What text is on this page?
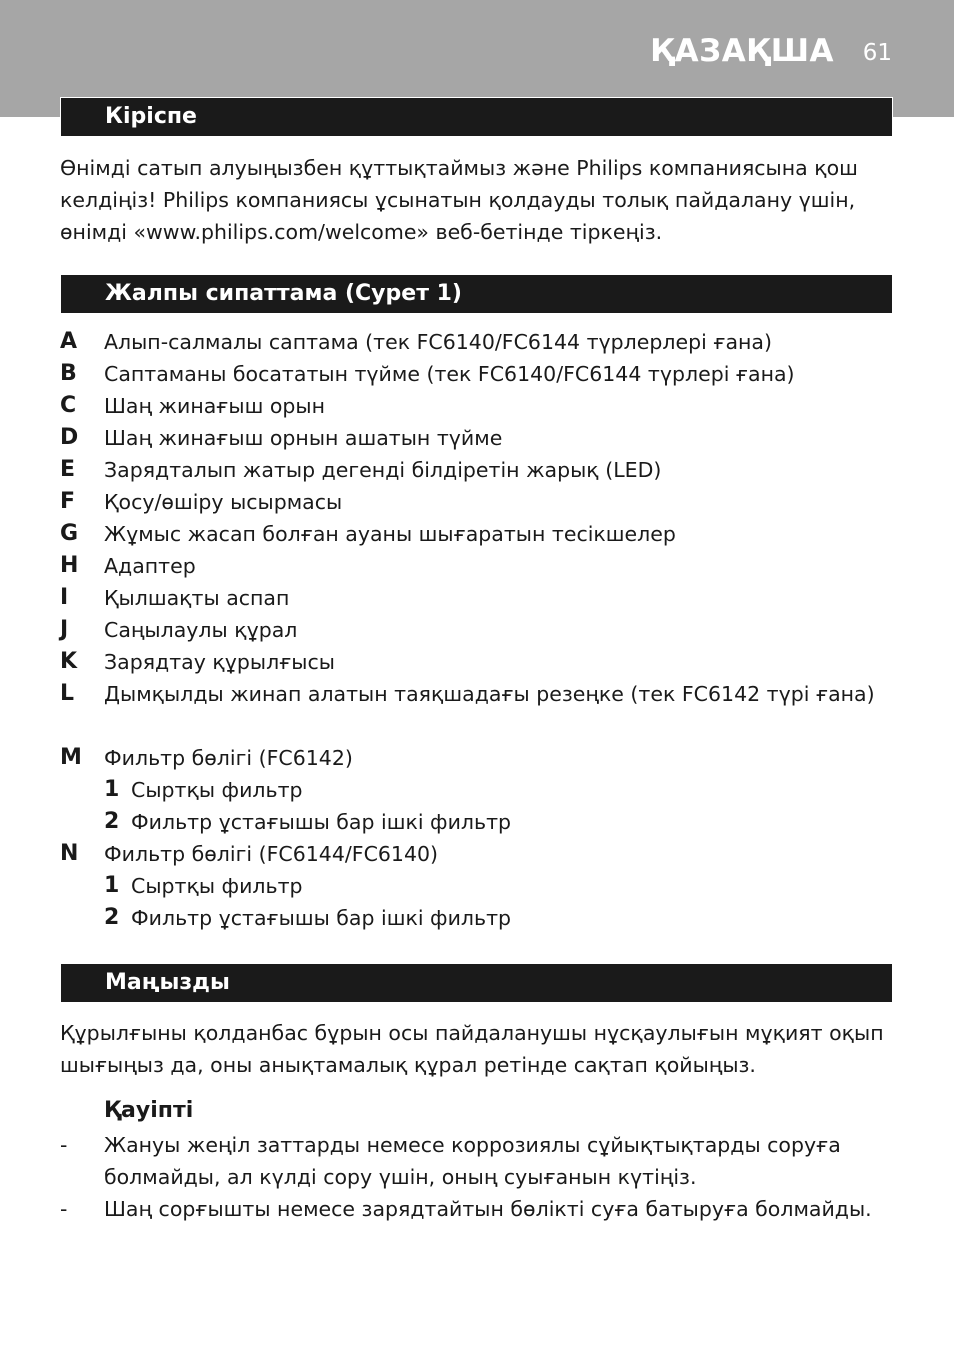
ҚАЗАҚША 61
Кіріспе

Өнімді сатып алуыңызбен құттықтаймыз және Philips компаниясына қош келдіңіз! Philips компаниясы ұсынатын қолдауды толық пайдалану үшін, өнімді «www.philips.com/welcome» веб-бетінде тіркеңіз.

Жалпы сипаттама (Сурет 1)
A Алып-салмалы саптама (тек FC6140/FC6144 түрлерлері ғана)
B Саптаманы босататын түйме (тек FC6140/FC6144 түрлері ғана)
C Шаң жинағыш орын
D Шаң жинағыш орнын ашатын түйме
E Зарядталып жатыр дегенді білдіретін жарық (LED)
F Қосу/өшіру ысырмасы
G Жұмыс жасап болған ауаны шығаратын тесікшелер
H Адаптер
I Қылшақты аспап
J Саңылаулы құрал
K Зарядтау құрылғысы
L Дымқылды жинап алатын таяқшадағы резеңке (тек FC6142 түрі ғана)
M Фильтр бөлігі (FC6142)
1 Сыртқы фильтр
2 Фильтр ұстағышы бар ішкі фильтр
N Фильтр бөлігі (FC6144/FC6140)
1 Сыртқы фильтр
2 Фильтр ұстағышы бар ішкі фильтр
Маңызды

Құрылғыны қолданбас бұрын осы пайдаланушы нұсқаулығын мұқият оқып шығыңыз да, оны анықтамалық құрал ретінде сақтап қойыңыз.

Қауіпті
- Жануы жеңіл заттарды немесе коррозиялы сұйықтықтарды соруға болмайды, ал күлді сору үшін, оның суығанын күтіңіз.
- Шаң сорғышты немесе зарядтайтын бөлікті суға батыруға болмайды.
